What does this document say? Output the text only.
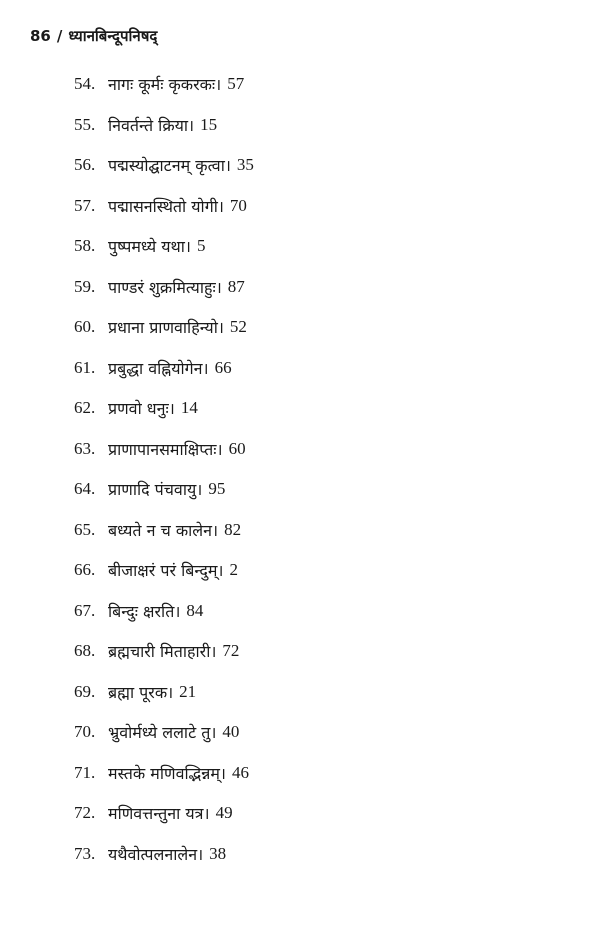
86 / ध्यानबिन्दूपनिषद्
54. नागः कूर्मः कृकरकः। 57
55. निवर्तन्ते क्रिया। 15
56. पद्मस्योद्घाटनम् कृत्वा। 35
57. पद्मासनस्थितो योगी। 70
58. पुष्पमध्ये यथा। 5
59. पाण्डरं शुक्रमित्याहुः। 87
60. प्रधाना प्राणवाहिन्यो। 52
61. प्रबुद्धा वह्नियोगेन। 66
62. प्रणवो धनुः। 14
63. प्राणापानसमाक्षिप्तः। 60
64. प्राणादि पंचवायु। 95
65. बध्यते न च कालेन। 82
66. बीजाक्षरं परं बिन्दुम्। 2
67. बिन्दुः क्षरति। 84
68. ब्रह्मचारी मिताहारी। 72
69. ब्रह्मा पूरक। 21
70. भ्रुवोर्मध्ये ललाटे तु। 40
71. मस्तके मणिवद्भिन्नम्। 46
72. मणिवत्तन्तुना यत्र। 49
73. यथैवोत्पलनालेन। 38
